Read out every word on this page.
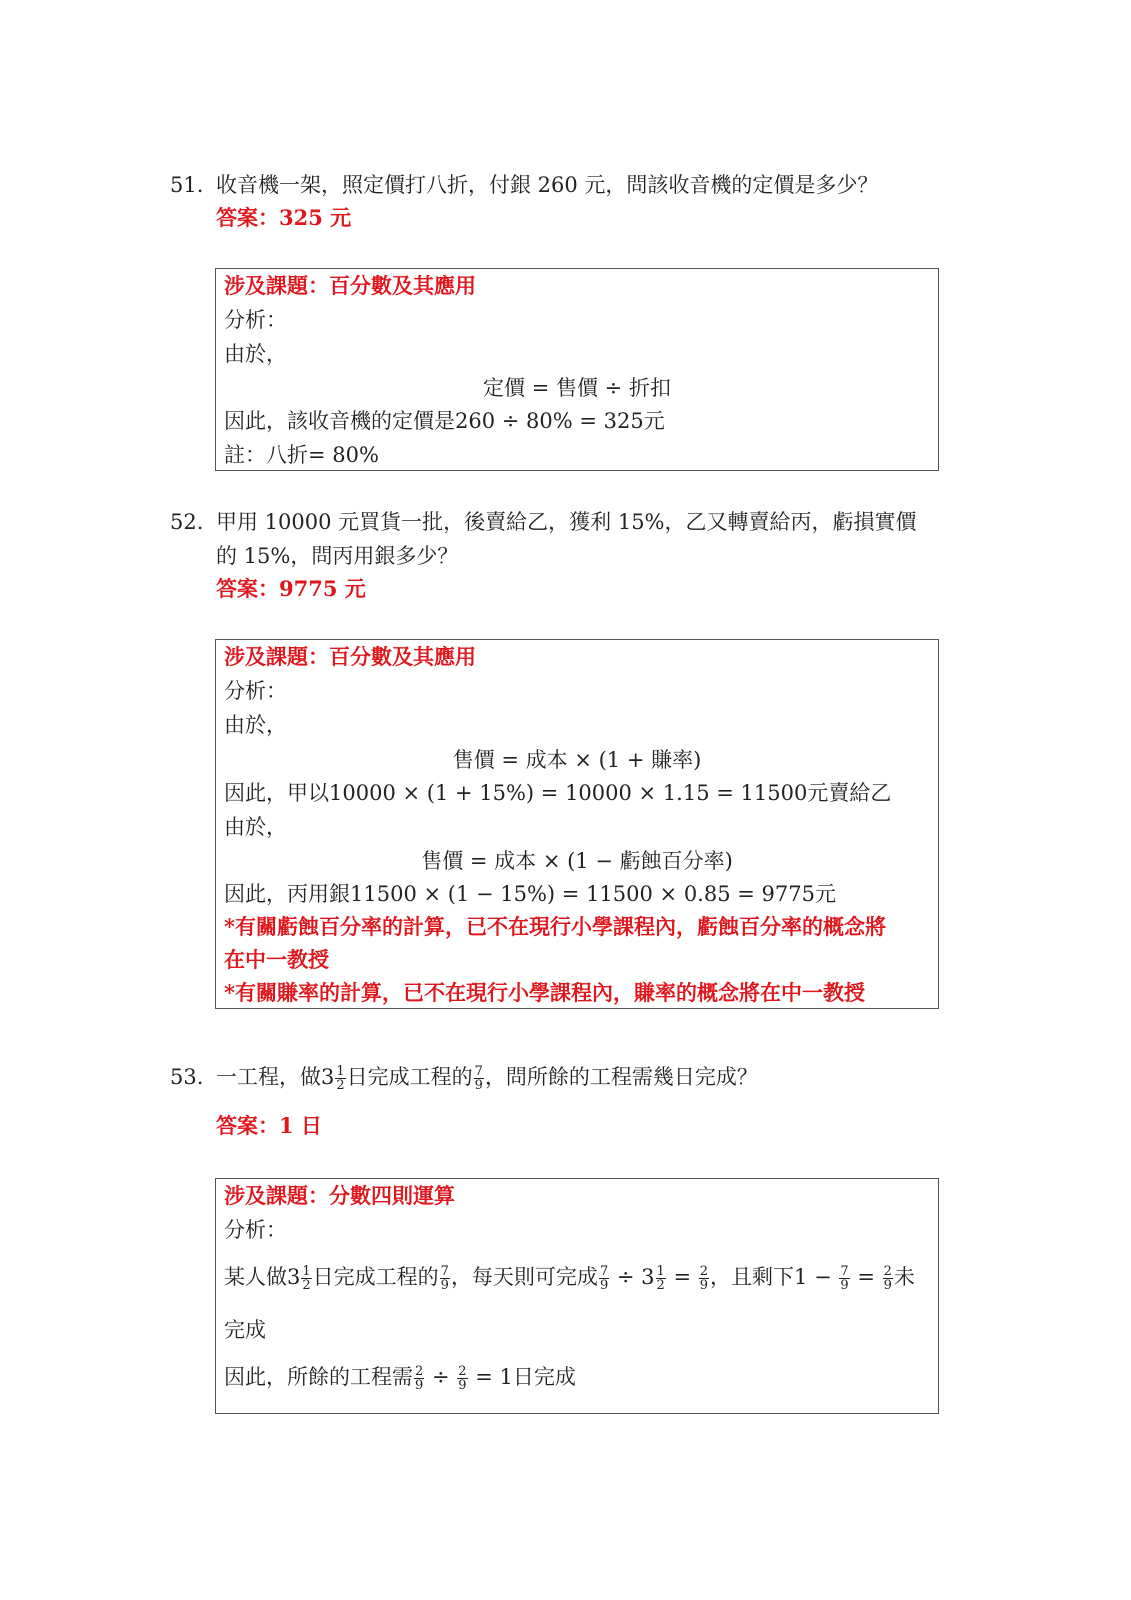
51. 收音機一架，照定價打八折，付銀 260 元，問該收音機的定價是多少？
答案：325 元
涉及課題：百分數及其應用
分析：
由於，
定價 = 售價 ÷ 折扣
因此，該收音機的定價是260 ÷ 80% = 325元
註：八折= 80%
52. 甲用 10000 元買貨一批，後賣給乙，獲利 15%，乙又轉賣給丙，虧損實價
的 15%，問丙用銀多少？
答案：9775 元
涉及課題：百分數及其應用
分析：
由於，
售價 = 成本 × (1 + 賺率)
因此，甲以10000 × (1 + 15%) = 10000 × 1.15 = 11500元賣給乙
由於，
售價 = 成本 × (1 − 虧蝕百分率)
因此，丙用銀11500 × (1 − 15%) = 11500 × 0.85 = 9775元
*有關虧蝕百分率的計算，已不在現行小學課程內，虧蝕百分率的概念將
在中一教授
*有關賺率的計算，已不在現行小學課程內，賺率的概念將在中一教授
53. 一工程，做$3 \frac{1}{2}$ 日完成工程的 $\frac{7}{9}$ ，問所餘的工程需幾日完成？
答案：1 日
涉及課題：分數四則運算
分析：
某人做$3 \frac{1}{2}$ 日完成工程的 $\frac{7}{9}$ ，每天則可完成 $\frac{7}{9} \div 3 \frac{1}{2} = \frac{2}{9}$ ，且剩下$1 - \frac{7}{9} = \frac{2}{9}$ 未
完成
因此，所餘的工程需 $\frac{2}{9} \div \frac{2}{9} = 1$日完成
